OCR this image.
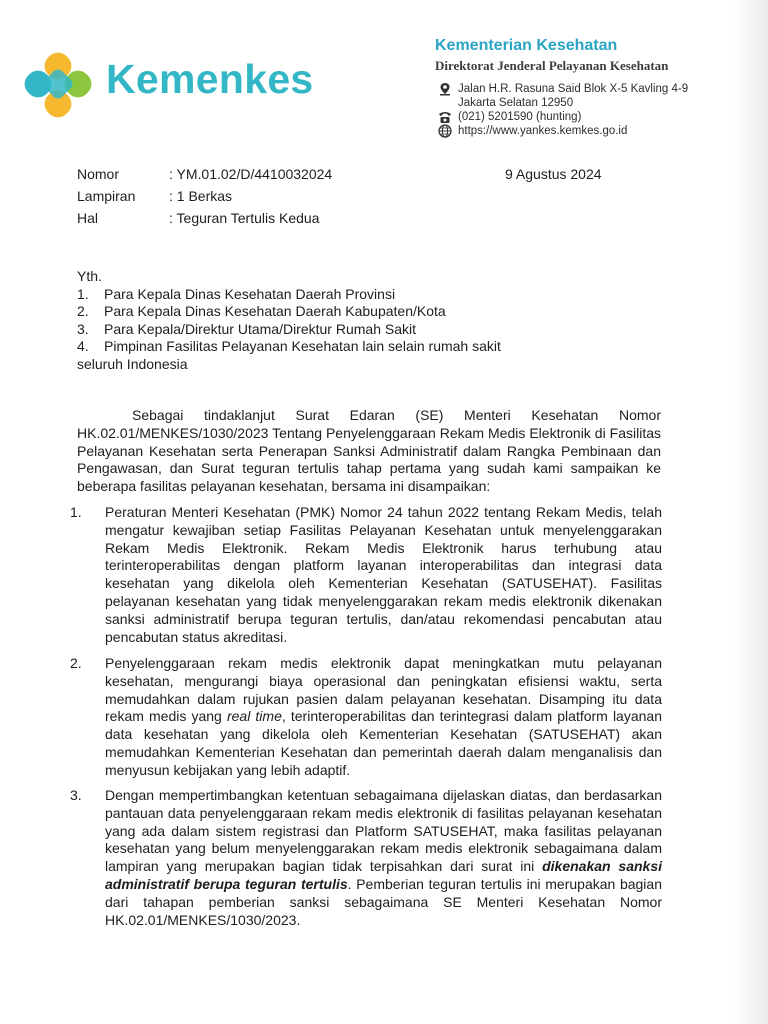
Kemenkes
Kementerian Kesehatan
Direktorat Jenderal Pelayanan Kesehatan
Jalan H.R. Rasuna Said Blok X-5 Kavling 4-9
Jakarta Selatan 12950
(021) 5201590 (hunting)
https://www.yankes.kemkes.go.id
Nomor	: YM.01.02/D/4410032024
Lampiran	: 1 Berkas
Hal	: Teguran Tertulis Kedua
9 Agustus 2024
Yth.
1.	Para Kepala Dinas Kesehatan Daerah Provinsi
2.	Para Kepala Dinas Kesehatan Daerah Kabupaten/Kota
3.	Para Kepala/Direktur Utama/Direktur Rumah Sakit
4.	Pimpinan Fasilitas Pelayanan Kesehatan lain selain rumah sakit
seluruh Indonesia
Sebagai tindaklanjut Surat Edaran (SE) Menteri Kesehatan Nomor HK.02.01/MENKES/1030/2023 Tentang Penyelenggaraan Rekam Medis Elektronik di Fasilitas Pelayanan Kesehatan serta Penerapan Sanksi Administratif dalam Rangka Pembinaan dan Pengawasan, dan Surat teguran tertulis tahap pertama yang sudah kami sampaikan ke beberapa fasilitas pelayanan kesehatan, bersama ini disampaikan:
1.	Peraturan Menteri Kesehatan (PMK) Nomor 24 tahun 2022 tentang Rekam Medis, telah mengatur kewajiban setiap Fasilitas Pelayanan Kesehatan untuk menyelenggarakan Rekam Medis Elektronik. Rekam Medis Elektronik harus terhubung atau terinteroperabilitas dengan platform layanan interoperabilitas dan integrasi data kesehatan yang dikelola oleh Kementerian Kesehatan (SATUSEHAT). Fasilitas pelayanan kesehatan yang tidak menyelenggarakan rekam medis elektronik dikenakan sanksi administratif berupa teguran tertulis, dan/atau rekomendasi pencabutan atau pencabutan status akreditasi.
2.	Penyelenggaraan rekam medis elektronik dapat meningkatkan mutu pelayanan kesehatan, mengurangi biaya operasional dan peningkatan efisiensi waktu, serta memudahkan dalam rujukan pasien dalam pelayanan kesehatan. Disamping itu data rekam medis yang real time, terinteroperabilitas dan terintegrasi dalam platform layanan data kesehatan yang dikelola oleh Kementerian Kesehatan (SATUSEHAT) akan memudahkan Kementerian Kesehatan dan pemerintah daerah dalam menganalisis dan menyusun kebijakan yang lebih adaptif.
3.	Dengan mempertimbangkan ketentuan sebagaimana dijelaskan diatas, dan berdasarkan pantauan data penyelenggaraan rekam medis elektronik di fasilitas pelayanan kesehatan yang ada dalam sistem registrasi dan Platform SATUSEHAT, maka fasilitas pelayanan kesehatan yang belum menyelenggarakan rekam medis elektronik sebagaimana dalam lampiran yang merupakan bagian tidak terpisahkan dari surat ini dikenakan sanksi administratif berupa teguran tertulis. Pemberian teguran tertulis ini merupakan bagian dari tahapan pemberian sanksi sebagaimana SE Menteri Kesehatan Nomor HK.02.01/MENKES/1030/2023.
